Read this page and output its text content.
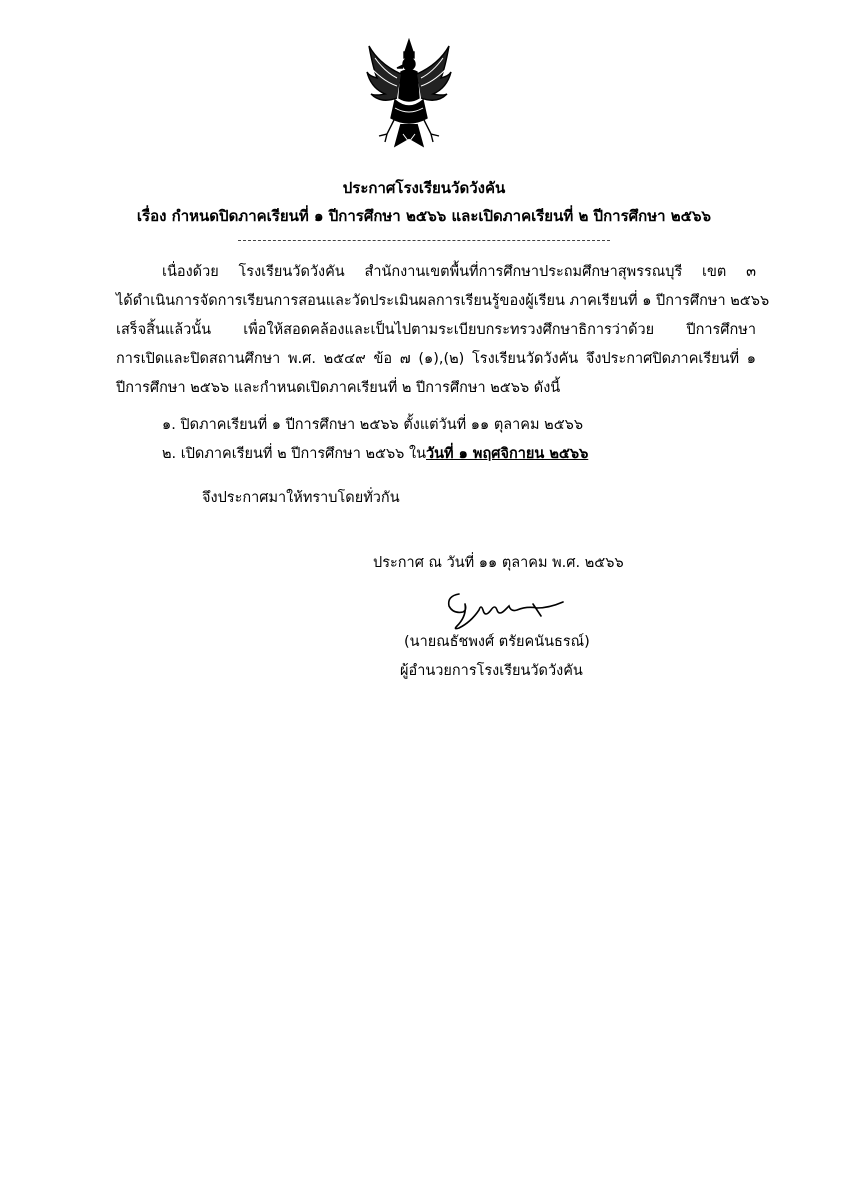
ประกาศโรงเรียนวัดวังคัน
เรื่อง กำหนดปิดภาคเรียนที่ ๑ ปีการศึกษา ๒๕๖๖ และเปิดภาคเรียนที่ ๒ ปีการศึกษา ๒๕๖๖
เนื่องด้วย โรงเรียนวัดวังคัน สำนักงานเขตพื้นที่การศึกษาประถมศึกษาสุพรรณบุรี เขต ๓
ได้ดำเนินการจัดการเรียนการสอนและวัดประเมินผลการเรียนรู้ของผู้เรียน ภาคเรียนที่ ๑ ปีการศึกษา ๒๕๖๖
เสร็จสิ้นแล้วนั้น เพื่อให้สอดคล้องและเป็นไปตามระเบียบกระทรวงศึกษาธิการว่าด้วย ปีการศึกษา
การเปิดและปิดสถานศึกษา พ.ศ. ๒๕๔๙ ข้อ ๗ (๑),(๒) โรงเรียนวัดวังคัน จึงประกาศปิดภาคเรียนที่ ๑
ปีการศึกษา ๒๕๖๖ และกำหนดเปิดภาคเรียนที่ ๒ ปีการศึกษา ๒๕๖๖ ดังนี้
๑. ปิดภาคเรียนที่ ๑ ปีการศึกษา ๒๕๖๖ ตั้งแต่วันที่ ๑๑ ตุลาคม ๒๕๖๖
๒. เปิดภาคเรียนที่ ๒ ปีการศึกษา ๒๕๖๖ ในวันที่ ๑ พฤศจิกายน ๒๕๖๖
จึงประกาศมาให้ทราบโดยทั่วกัน
ประกาศ ณ วันที่ ๑๑ ตุลาคม พ.ศ. ๒๕๖๖
(นายณธัชพงศ์ ตรัยคนันธรณ์)
ผู้อำนวยการโรงเรียนวัดวังคัน
